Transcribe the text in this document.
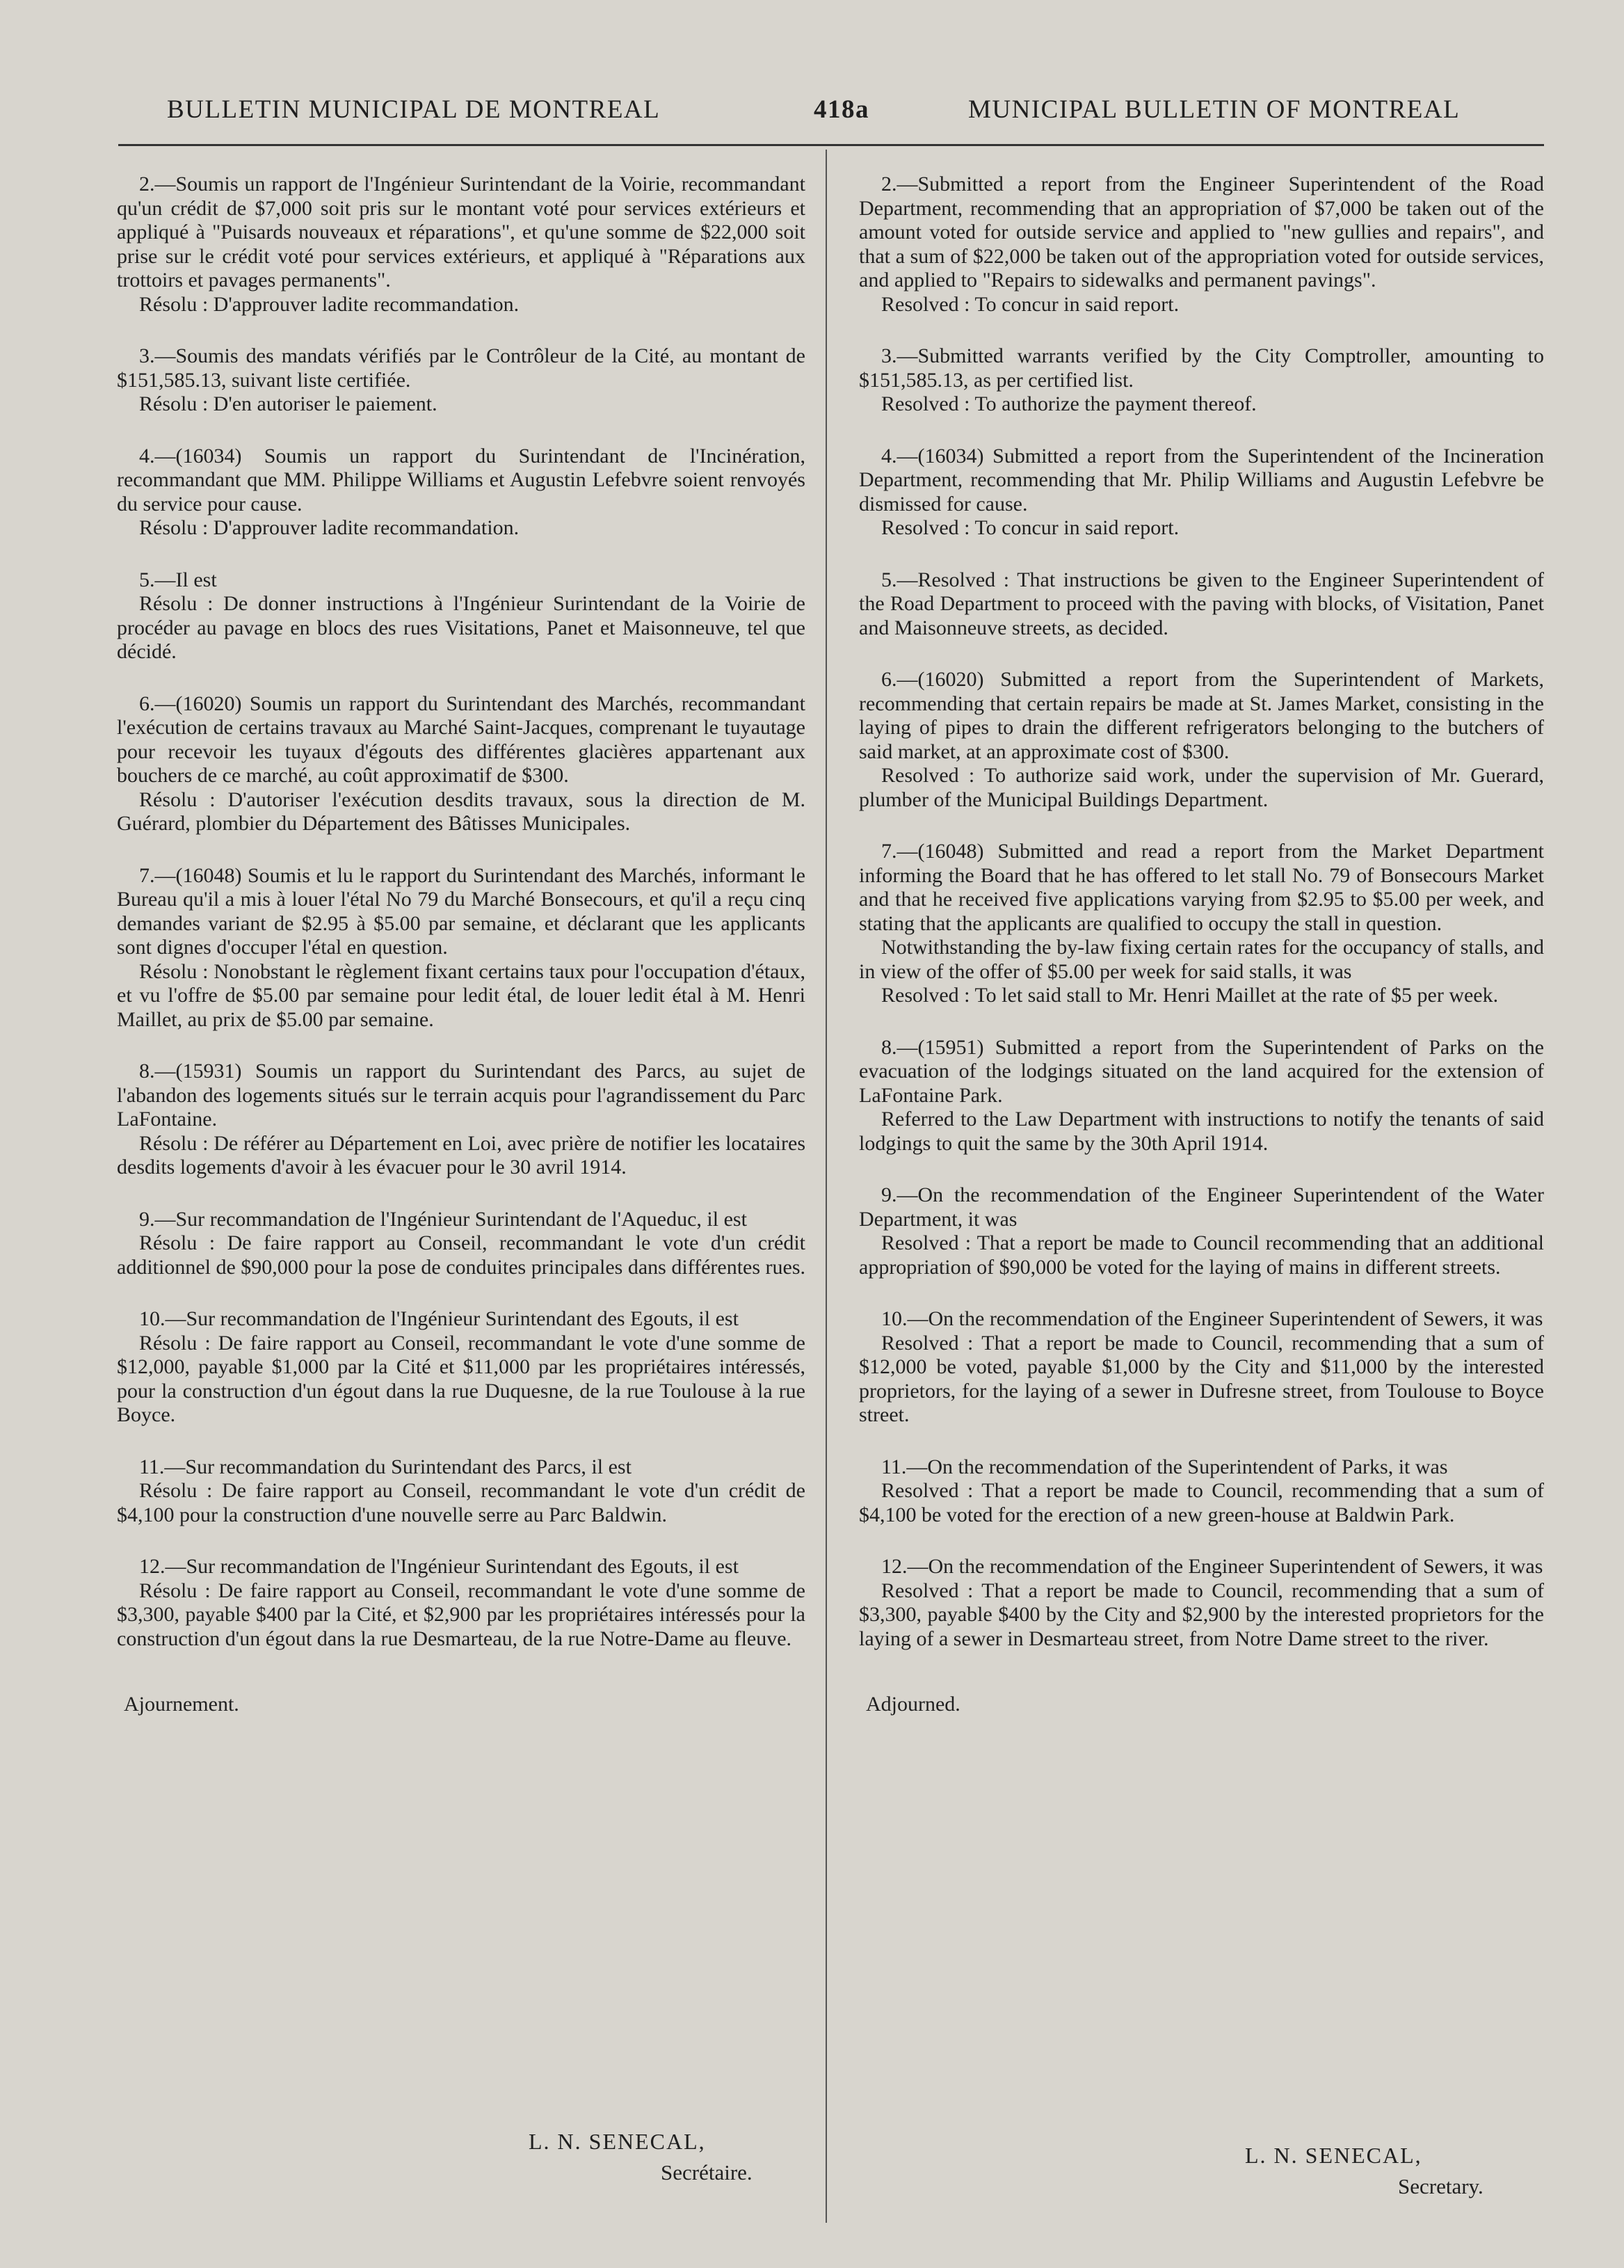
BULLETIN MUNICIPAL DE MONTREAL	418a	MUNICIPAL BULLETIN OF MONTREAL

2.—Soumis un rapport de l'Ingénieur Surintendant de la Voirie, recommandant qu'un crédit de $7,000 soit pris sur le montant voté pour services extérieurs et appliqué à "Puisards nouveaux et réparations", et qu'une somme de $22,000 soit prise sur le crédit voté pour services extérieurs, et appliqué à "Réparations aux trottoirs et pavages permanents".

Résolu : D'approuver ladite recommandation.

3.—Soumis des mandats vérifiés par le Contrôleur de la Cité, au montant de $151,585.13, suivant liste certifiée.

Résolu : D'en autoriser le paiement.

4.—(16034) Soumis un rapport du Surintendant de l'Incinération, recommandant que MM. Philippe Williams et Augustin Lefebvre soient renvoyés du service pour cause.

Résolu : D'approuver ladite recommandation.

5.—Il est

Résolu : De donner instructions à l'Ingénieur Surintendant de la Voirie de procéder au pavage en blocs des rues Visitations, Panet et Maisonneuve, tel que décidé.

6.—(16020) Soumis un rapport du Surintendant des Marchés, recommandant l'exécution de certains travaux au Marché Saint-Jacques, comprenant le tuyautage pour recevoir les tuyaux d'égouts des différentes glacières appartenant aux bouchers de ce marché, au coût approximatif de $300.

Résolu : D'autoriser l'exécution desdits travaux, sous la direction de M. Guérard, plombier du Département des Bâtisses Municipales.

7.—(16048) Soumis et lu le rapport du Surintendant des Marchés, informant le Bureau qu'il a mis à louer l'étal No 79 du Marché Bonsecours, et qu'il a reçu cinq demandes variant de $2.95 à $5.00 par semaine, et déclarant que les applicants sont dignes d'occuper l'étal en question.

Résolu : Nonobstant le règlement fixant certains taux pour l'occupation d'étaux, et vu l'offre de $5.00 par semaine pour ledit étal, de louer ledit étal à M. Henri Maillet, au prix de $5.00 par semaine.

8.—(15931) Soumis un rapport du Surintendant des Parcs, au sujet de l'abandon des logements situés sur le terrain acquis pour l'agrandissement du Parc LaFontaine.

Résolu : De référer au Département en Loi, avec prière de notifier les locataires desdits logements d'avoir à les évacuer pour le 30 avril 1914.

9.—Sur recommandation de l'Ingénieur Surintendant de l'Aqueduc, il est

Résolu : De faire rapport au Conseil, recommandant le vote d'un crédit additionnel de $90,000 pour la pose de conduites principales dans différentes rues.

10.—Sur recommandation de l'Ingénieur Surintendant des Egouts, il est

Résolu : De faire rapport au Conseil, recommandant le vote d'une somme de $12,000, payable $1,000 par la Cité et $11,000 par les propriétaires intéressés, pour la construction d'un égout dans la rue Duquesne, de la rue Toulouse à la rue Boyce.

11.—Sur recommandation du Surintendant des Parcs, il est

Résolu : De faire rapport au Conseil, recommandant le vote d'un crédit de $4,100 pour la construction d'une nouvelle serre au Parc Baldwin.

12.—Sur recommandation de l'Ingénieur Surintendant des Egouts, il est

Résolu : De faire rapport au Conseil, recommandant le vote d'une somme de $3,300, payable $400 par la Cité, et $2,900 par les propriétaires intéressés pour la construction d'un égout dans la rue Desmarteau, de la rue Notre-Dame au fleuve.

Ajournement.
L. N. SENECAL,
Secrétaire.

2.—Submitted a report from the Engineer Superintendent of the Road Department, recommending that an appropriation of $7,000 be taken out of the amount voted for outside service and applied to "new gullies and repairs", and that a sum of $22,000 be taken out of the appropriation voted for outside services, and applied to "Repairs to sidewalks and permanent pavings".

Resolved : To concur in said report.

3.—Submitted warrants verified by the City Comptroller, amounting to $151,585.13, as per certified list.

Resolved : To authorize the payment thereof.

4.—(16034) Submitted a report from the Superintendent of the Incineration Department, recommending that Mr. Philip Williams and Augustin Lefebvre be dismissed for cause.

Resolved : To concur in said report.

5.—Resolved : That instructions be given to the Engineer Superintendent of the Road Department to proceed with the paving with blocks, of Visitation, Panet and Maisonneuve streets, as decided.

6.—(16020) Submitted a report from the Superintendent of Markets, recommending that certain repairs be made at St. James Market, consisting in the laying of pipes to drain the different refrigerators belonging to the butchers of said market, at an approximate cost of $300.

Resolved : To authorize said work, under the supervision of Mr. Guerard, plumber of the Municipal Buildings Department.

7.—(16048) Submitted and read a report from the Market Department informing the Board that he has offered to let stall No. 79 of Bonsecours Market and that he received five applications varying from $2.95 to $5.00 per week, and stating that the applicants are qualified to occupy the stall in question.

Notwithstanding the by-law fixing certain rates for the occupancy of stalls, and in view of the offer of $5.00 per week for said stalls, it was

Resolved : To let said stall to Mr. Henri Maillet at the rate of $5 per week.

8.—(15951) Submitted a report from the Superintendent of Parks on the evacuation of the lodgings situated on the land acquired for the extension of LaFontaine Park.

Referred to the Law Department with instructions to notify the tenants of said lodgings to quit the same by the 30th April 1914.

9.—On the recommendation of the Engineer Superintendent of the Water Department, it was

Resolved : That a report be made to Council recommending that an additional appropriation of $90,000 be voted for the laying of mains in different streets.

10.—On the recommendation of the Engineer Superintendent of Sewers, it was

Resolved : That a report be made to Council, recommending that a sum of $12,000 be voted, payable $1,000 by the City and $11,000 by the interested proprietors, for the laying of a sewer in Dufresne street, from Toulouse to Boyce street.

11.—On the recommendation of the Superintendent of Parks, it was

Resolved : That a report be made to Council, recommending that a sum of $4,100 be voted for the erection of a new green-house at Baldwin Park.

12.—On the recommendation of the Engineer Superintendent of Sewers, it was

Resolved : That a report be made to Council, recommending that a sum of $3,300, payable $400 by the City and $2,900 by the interested proprietors for the laying of a sewer in Desmarteau street, from Notre Dame street to the river.

Adjourned.
L. N. SENECAL,
Secretary.
